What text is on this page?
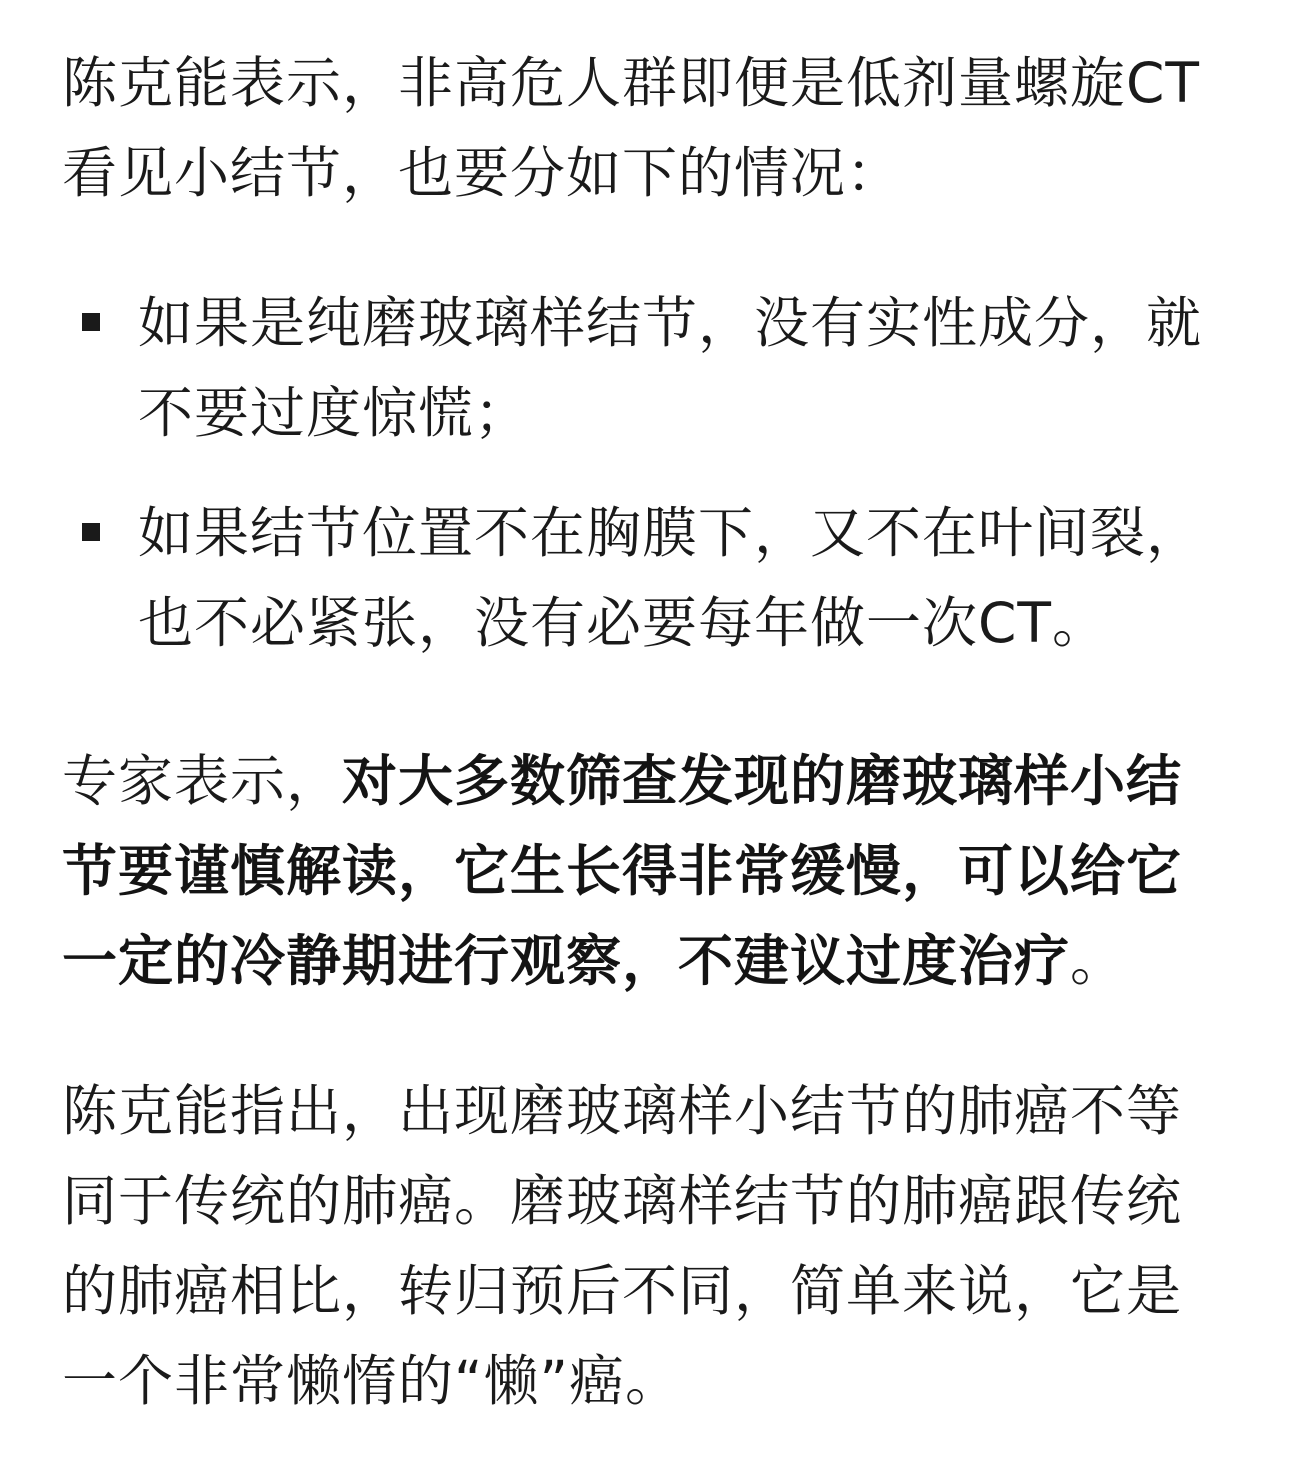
陈克能表示，非高危人群即便是低剂量螺旋CT看见小结节，也要分如下的情况：

如果是纯磨玻璃样结节，没有实性成分，就不要过度惊慌；
如果结节位置不在胸膜下，又不在叶间裂，也不必紧张，没有必要每年做一次CT。

专家表示，对大多数筛查发现的磨玻璃样小结节要谨慎解读，它生长得非常缓慢，可以给它一定的冷静期进行观察，不建议过度治疗。

陈克能指出，出现磨玻璃样小结节的肺癌不等同于传统的肺癌。磨玻璃样结节的肺癌跟传统的肺癌相比，转归预后不同，简单来说，它是一个非常懒惰的“懒”癌。
